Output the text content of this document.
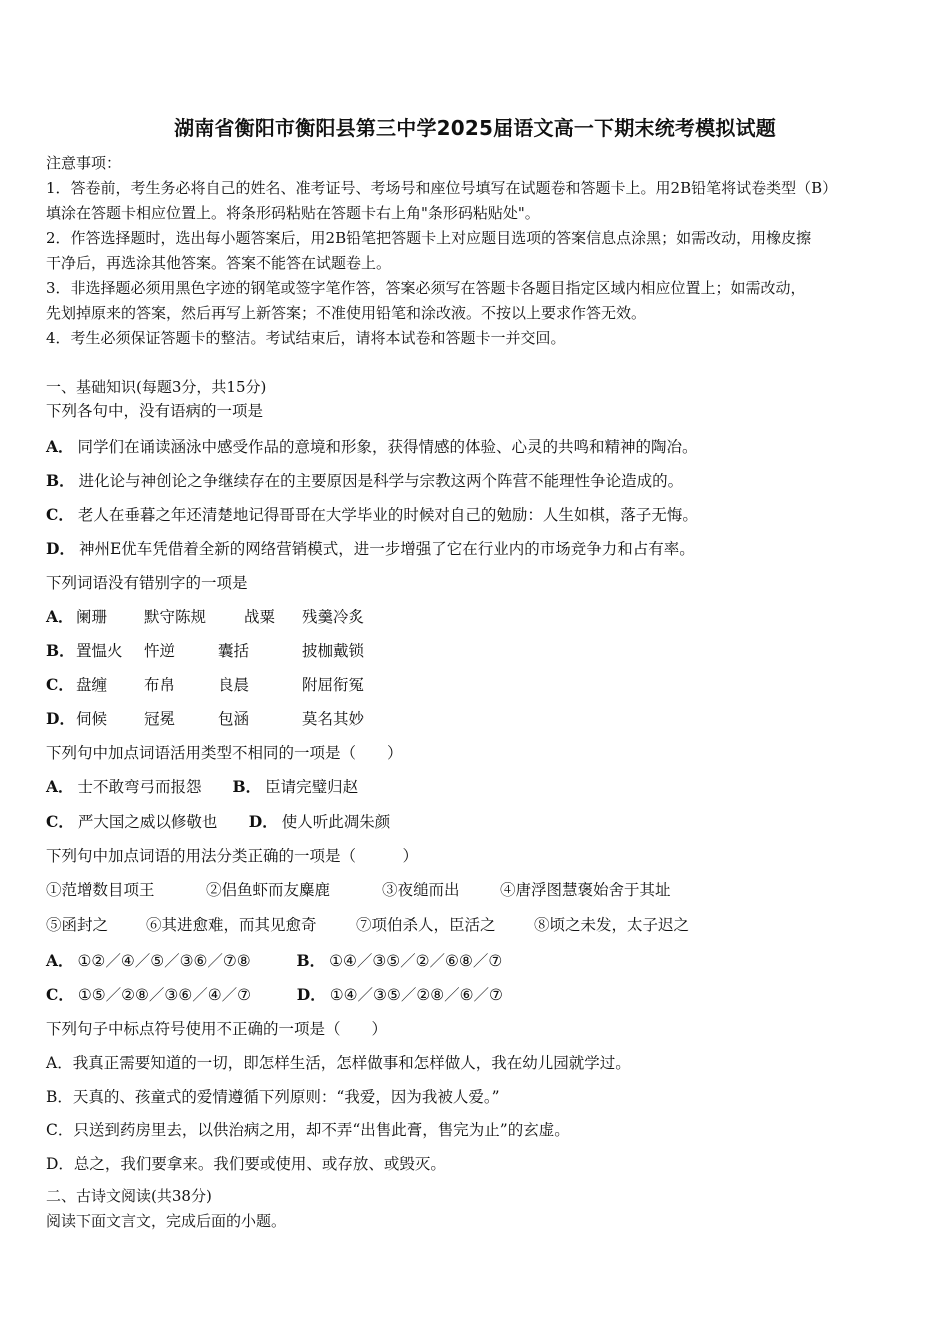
湖南省衡阳市衡阳县第三中学2025届语文高一下期末统考模拟试题
注意事项：
1．答卷前，考生务必将自己的姓名、准考证号、考场号和座位号填写在试题卷和答题卡上。用2B铅笔将试卷类型（B）
填涂在答题卡相应位置上。将条形码粘贴在答题卡右上角"条形码粘贴处"。
2．作答选择题时，选出每小题答案后，用2B铅笔把答题卡上对应题目选项的答案信息点涂黑；如需改动，用橡皮擦
干净后，再选涂其他答案。答案不能答在试题卷上。
3．非选择题必须用黑色字迹的钢笔或签字笔作答，答案必须写在答题卡各题目指定区域内相应位置上；如需改动，
先划掉原来的答案，然后再写上新答案；不准使用铅笔和涂改液。不按以上要求作答无效。
4．考生必须保证答题卡的整洁。考试结束后，请将本试卷和答题卡一并交回。
一、基础知识(每题3分，共15分)
下列各句中，没有语病的一项是
A． 同学们在诵读涵泳中感受作品的意境和形象，获得情感的体验、心灵的共鸣和精神的陶冶。
B． 进化论与神创论之争继续存在的主要原因是科学与宗教这两个阵营不能理性争论造成的。
C． 老人在垂暮之年还清楚地记得哥哥在大学毕业的时候对自己的勉励：人生如棋，落子无悔。
D． 神州E优车凭借着全新的网络营销模式，进一步增强了它在行业内的市场竞争力和占有率。
下列词语没有错别字的一项是
A． 阑珊 默守陈规 战粟 残羹冷炙
B．置愠火 忤逆	囊括	披枷戴锁
C． 盘缠 布帛	良晨	附屈衔冤
D．伺候 冠冕	包涵	莫名其妙
下列句中加点词语活用类型不相同的一项是（　　）
A． 士不敢弯弓而报怨 B． 臣请完璧归赵
C． 严大国之威以修敬也 D． 使人听此凋朱颜
下列句中加点词语的用法分类正确的一项是（　　　）
①范增数目项王	②侣鱼虾而友麋鹿	③夜缒而出	④唐浮图慧褒始舍于其址
⑤函封之 ⑥其进愈难，而其见愈奇	⑦项伯杀人，臣活之 ⑧顷之未发，太子迟之
A． ①②／④／⑤／③⑥／⑦⑧	B． ①④／③⑤／②／⑥⑧／⑦
C． ①⑤／②⑧／③⑥／④／⑦	D． ①④／③⑤／②⑧／⑥／⑦
下列句子中标点符号使用不正确的一项是（　　）
A．我真正需要知道的一切，即怎样生活，怎样做事和怎样做人，我在幼儿园就学过。
B．天真的、孩童式的爱情遵循下列原则：“我爱，因为我被人爱。”
C．只送到药房里去，以供治病之用，却不弄“出售此膏，售完为止”的玄虚。
D．总之，我们要拿来。我们要或使用、或存放、或毁灭。
二、古诗文阅读(共38分)
阅读下面文言文，完成后面的小题。
